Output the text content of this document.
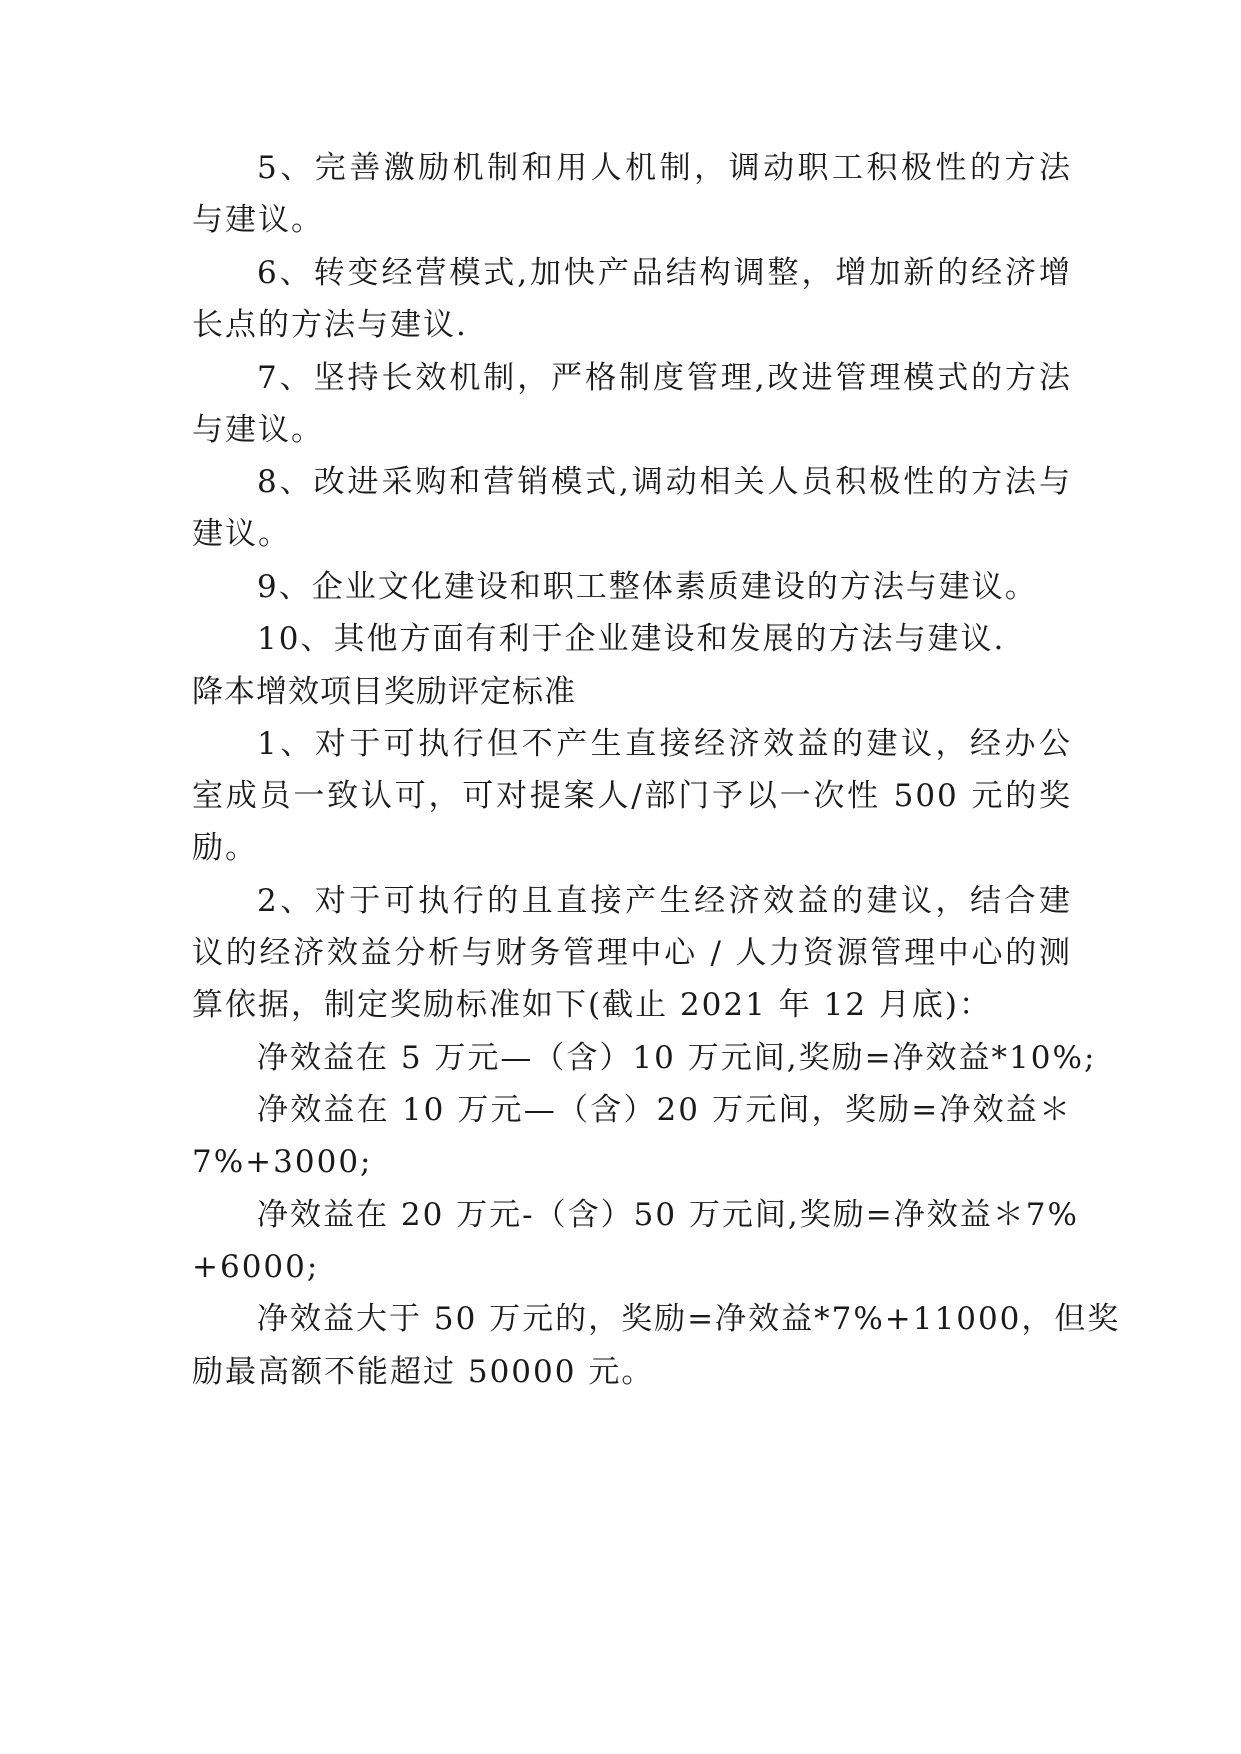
5、完善激励机制和用人机制，调动职工积极性的方法
与建议。
6、转变经营模式,加快产品结构调整，增加新的经济增
长点的方法与建议.
7、坚持长效机制，严格制度管理,改进管理模式的方法
与建议。
8、改进采购和营销模式,调动相关人员积极性的方法与
建议。
9、企业文化建设和职工整体素质建设的方法与建议。
10、其他方面有利于企业建设和发展的方法与建议.
降本增效项目奖励评定标准
1、对于可执行但不产生直接经济效益的建议，经办公
室成员一致认可，可对提案人/部门予以一次性 500 元的奖
励。
2、对于可执行的且直接产生经济效益的建议，结合建
议的经济效益分析与财务管理中心 / 人力资源管理中心的测
算依据，制定奖励标准如下(截止 2021 年 12 月底)：
净效益在 5 万元—（含）10 万元间,奖励=净效益*10%;
净效益在 10 万元—（含）20 万元间，奖励=净效益＊
7%+3000;
净效益在 20 万元-（含）50 万元间,奖励=净效益＊7%
+6000;
净效益大于 50 万元的，奖励=净效益*7%+11000，但奖
励最高额不能超过 50000 元。
